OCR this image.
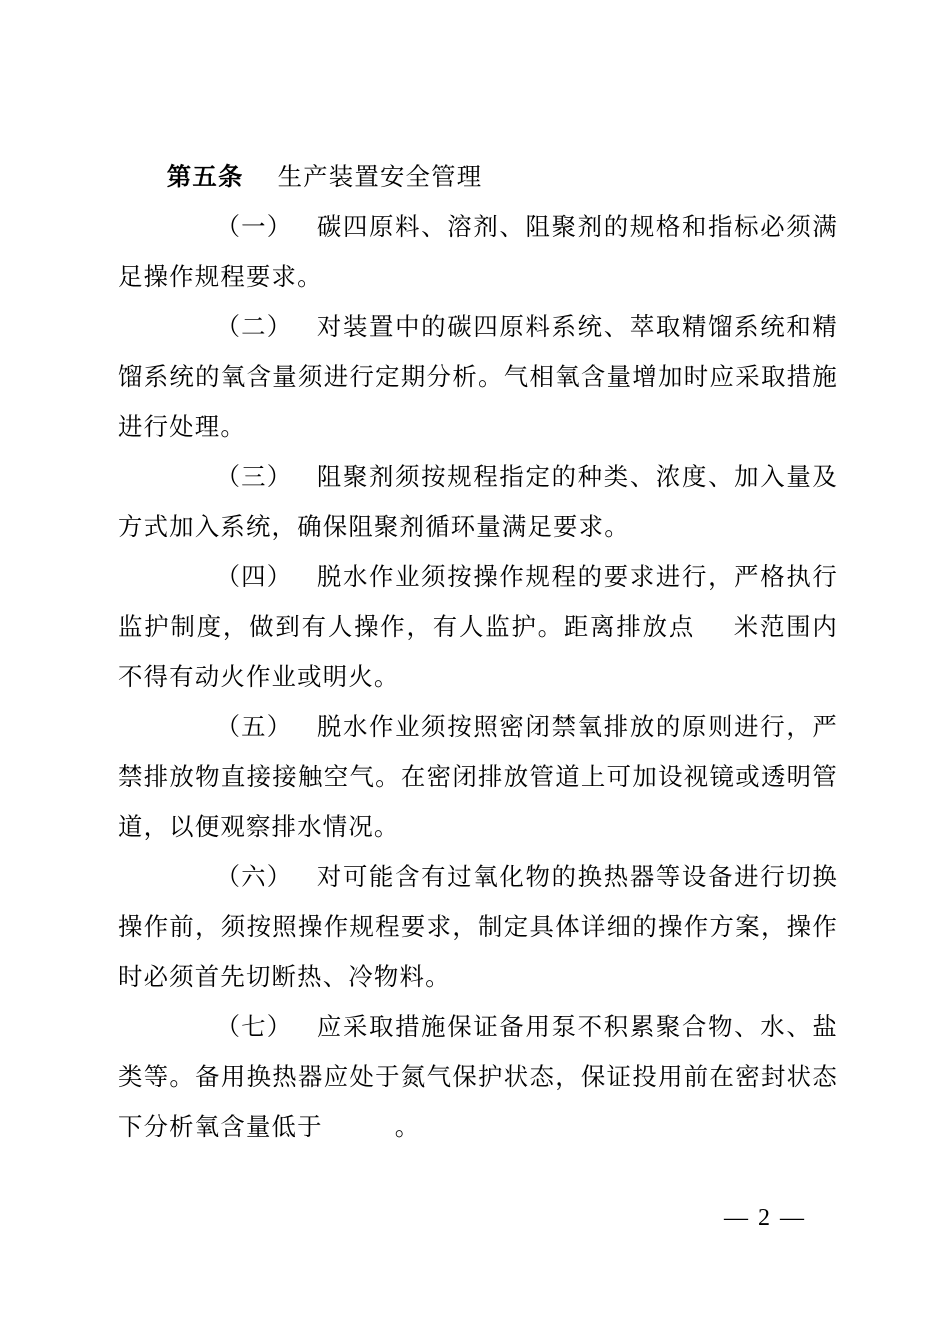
第五条 生产装置安全管理

（一） 碳四原料、溶剂、阻聚剂的规格和指标必须满足操作规程要求。

（二） 对装置中的碳四原料系统、萃取精馏系统和精馏系统的氧含量须进行定期分析。气相氧含量增加时应采取措施进行处理。

（三） 阻聚剂须按规程指定的种类、浓度、加入量及方式加入系统，确保阻聚剂循环量满足要求。

（四） 脱水作业须按操作规程的要求进行，严格执行监护制度，做到有人操作，有人监护。距离排放点 米范围内不得有动火作业或明火。

（五） 脱水作业须按照密闭禁氧排放的原则进行，严禁排放物直接接触空气。在密闭排放管道上可加设视镜或透明管道，以便观察排水情况。

（六） 对可能含有过氧化物的换热器等设备进行切换操作前，须按照操作规程要求，制定具体详细的操作方案，操作时必须首先切断热、冷物料。

（七） 应采取措施保证备用泵不积累聚合物、水、盐类等。备用换热器应处于氮气保护状态，保证投用前在密封状态下分析氧含量低于	。

— 2 —
